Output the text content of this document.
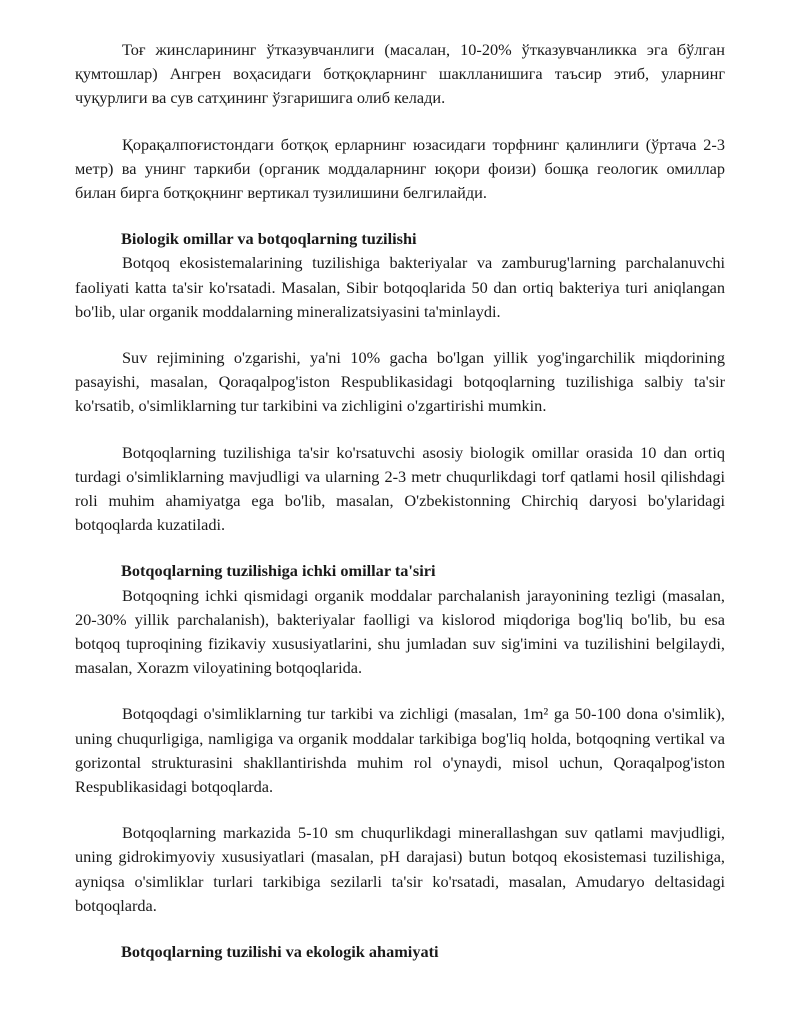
Тоғ жинсларининг ўтказувчанлиги (масалан, 10-20% ўтказувчанликка эга бўлган қумтошлар) Ангрен воҳасидаги ботқоқларнинг шаклланишига таъсир этиб, уларнинг чуқурлиги ва сув сатҳининг ўзгаришига олиб келади.

Қорақалпоғистондаги ботқоқ ерларнинг юзасидаги торфнинг қалинлиги (ўртача 2-3 метр) ва унинг таркиби (органик моддаларнинг юқори фоизи) бошқа геологик омиллар билан бирга ботқоқнинг вертикал тузилишини белгилайди.

Biologik omillar va botqoqlarning tuzilishi

Botqoq ekosistemalarining tuzilishiga bakteriyalar va zamburug'larning parchalanuvchi faoliyati katta ta'sir ko'rsatadi. Masalan, Sibir botqoqlarida 50 dan ortiq bakteriya turi aniqlangan bo'lib, ular organik moddalarning mineralizatsiyasini ta'minlaydi.

Suv rejimining o'zgarishi, ya'ni 10% gacha bo'lgan yillik yog'ingarchilik miqdorining pasayishi, masalan, Qoraqalpog'iston Respublikasidagi botqoqlarning tuzilishiga salbiy ta'sir ko'rsatib, o'simliklarning tur tarkibini va zichligini o'zgartirishi mumkin.

Botqoqlarning tuzilishiga ta'sir ko'rsatuvchi asosiy biologik omillar orasida 10 dan ortiq turdagi o'simliklarning mavjudligi va ularning 2-3 metr chuqurlikdagi torf qatlami hosil qilishdagi roli muhim ahamiyatga ega bo'lib, masalan, O'zbekistonning Chirchiq daryosi bo'ylaridagi botqoqlarda kuzatiladi.

Botqoqlarning tuzilishiga ichki omillar ta'siri

Botqoqning ichki qismidagi organik moddalar parchalanish jarayonining tezligi (masalan, 20-30% yillik parchalanish), bakteriyalar faolligi va kislorod miqdoriga bog'liq bo'lib, bu esa botqoq tuproqining fizikaviy xususiyatlarini, shu jumladan suv sig'imini va tuzilishini belgilaydi, masalan, Xorazm viloyatining botqoqlarida.

Botqoqdagi o'simliklarning tur tarkibi va zichligi (masalan, 1m² ga 50-100 dona o'simlik), uning chuqurligiga, namligiga va organik moddalar tarkibiga bog'liq holda, botqoqning vertikal va gorizontal strukturasini shakllantirishda muhim rol o'ynaydi, misol uchun, Qoraqalpog'iston Respublikasidagi botqoqlarda.

Botqoqlarning markazida 5-10 sm chuqurlikdagi minerallashgan suv qatlami mavjudligi, uning gidrokimyoviy xususiyatlari (masalan, pH darajasi) butun botqoq ekosistemasi tuzilishiga, ayniqsa o'simliklar turlari tarkibiga sezilarli ta'sir ko'rsatadi, masalan, Amudaryo deltasidagi botqoqlarda.

Botqoqlarning tuzilishi va ekologik ahamiyati
